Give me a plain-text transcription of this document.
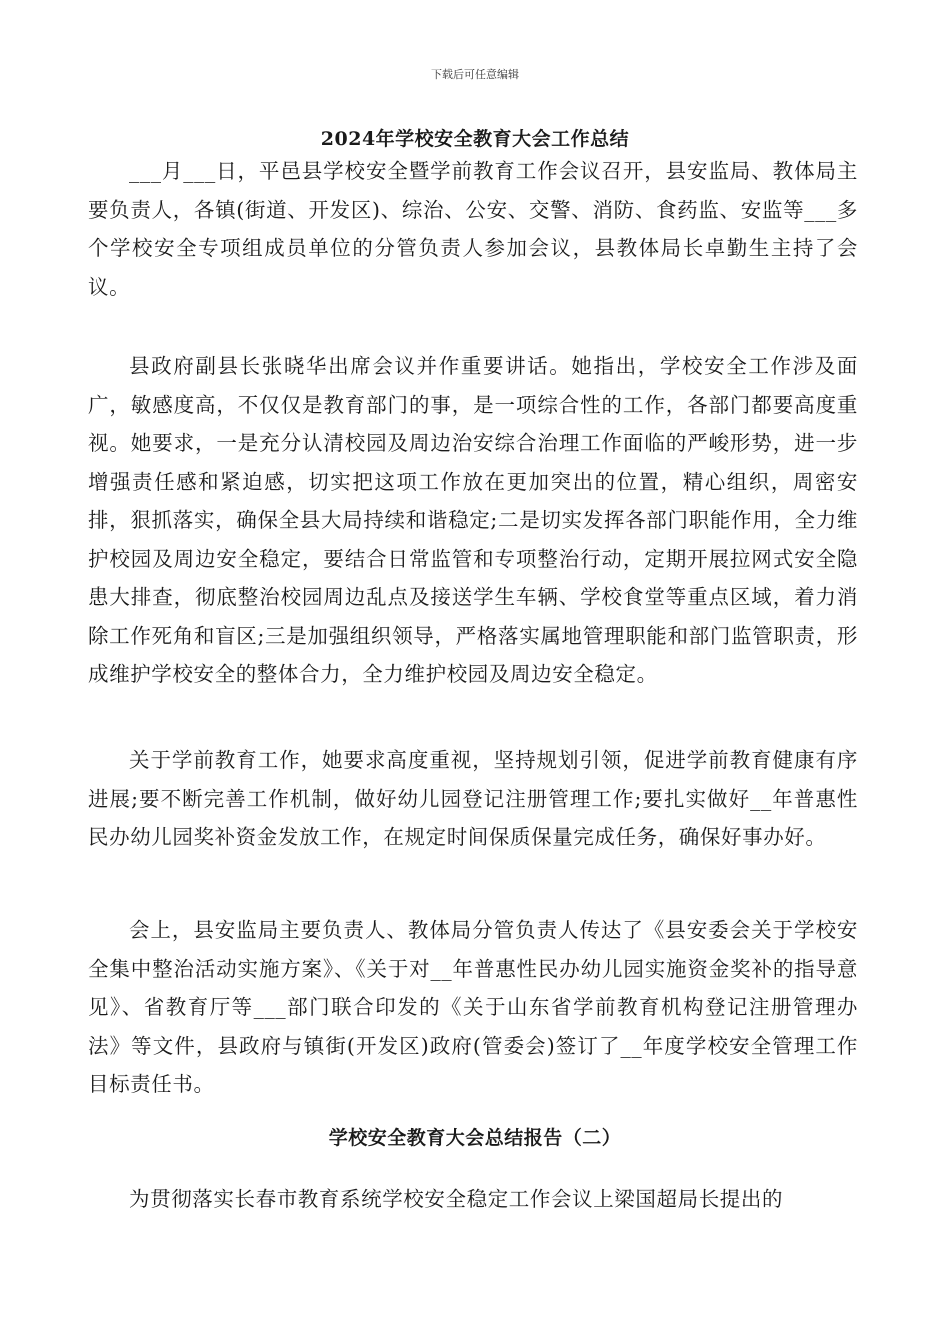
下载后可任意编辑
2024年学校安全教育大会工作总结

___月___日，平邑县学校安全暨学前教育工作会议召开，县安监局、教体局主要负责人，各镇(街道、开发区)、综治、公安、交警、消防、食药监、安监等___多个学校安全专项组成员单位的分管负责人参加会议，县教体局长卓勤生主持了会议。

县政府副县长张晓华出席会议并作重要讲话。她指出，学校安全工作涉及面广，敏感度高，不仅仅是教育部门的事，是一项综合性的工作，各部门都要高度重视。她要求，一是充分认清校园及周边治安综合治理工作面临的严峻形势，进一步增强责任感和紧迫感，切实把这项工作放在更加突出的位置，精心组织，周密安排，狠抓落实，确保全县大局持续和谐稳定;二是切实发挥各部门职能作用，全力维护校园及周边安全稳定，要结合日常监管和专项整治行动，定期开展拉网式安全隐患大排查，彻底整治校园周边乱点及接送学生车辆、学校食堂等重点区域，着力消除工作死角和盲区;三是加强组织领导，严格落实属地管理职能和部门监管职责，形成维护学校安全的整体合力，全力维护校园及周边安全稳定。

关于学前教育工作，她要求高度重视，坚持规划引领，促进学前教育健康有序进展;要不断完善工作机制，做好幼儿园登记注册管理工作;要扎实做好__年普惠性民办幼儿园奖补资金发放工作，在规定时间保质保量完成任务，确保好事办好。

会上，县安监局主要负责人、教体局分管负责人传达了《县安委会关于学校安全集中整治活动实施方案》、《关于对__年普惠性民办幼儿园实施资金奖补的指导意见》、省教育厅等___部门联合印发的《关于山东省学前教育机构登记注册管理办法》等文件，县政府与镇街(开发区)政府(管委会)签订了__年度学校安全管理工作目标责任书。

学校安全教育大会总结报告（二）

为贯彻落实长春市教育系统学校安全稳定工作会议上梁国超局长提出的
